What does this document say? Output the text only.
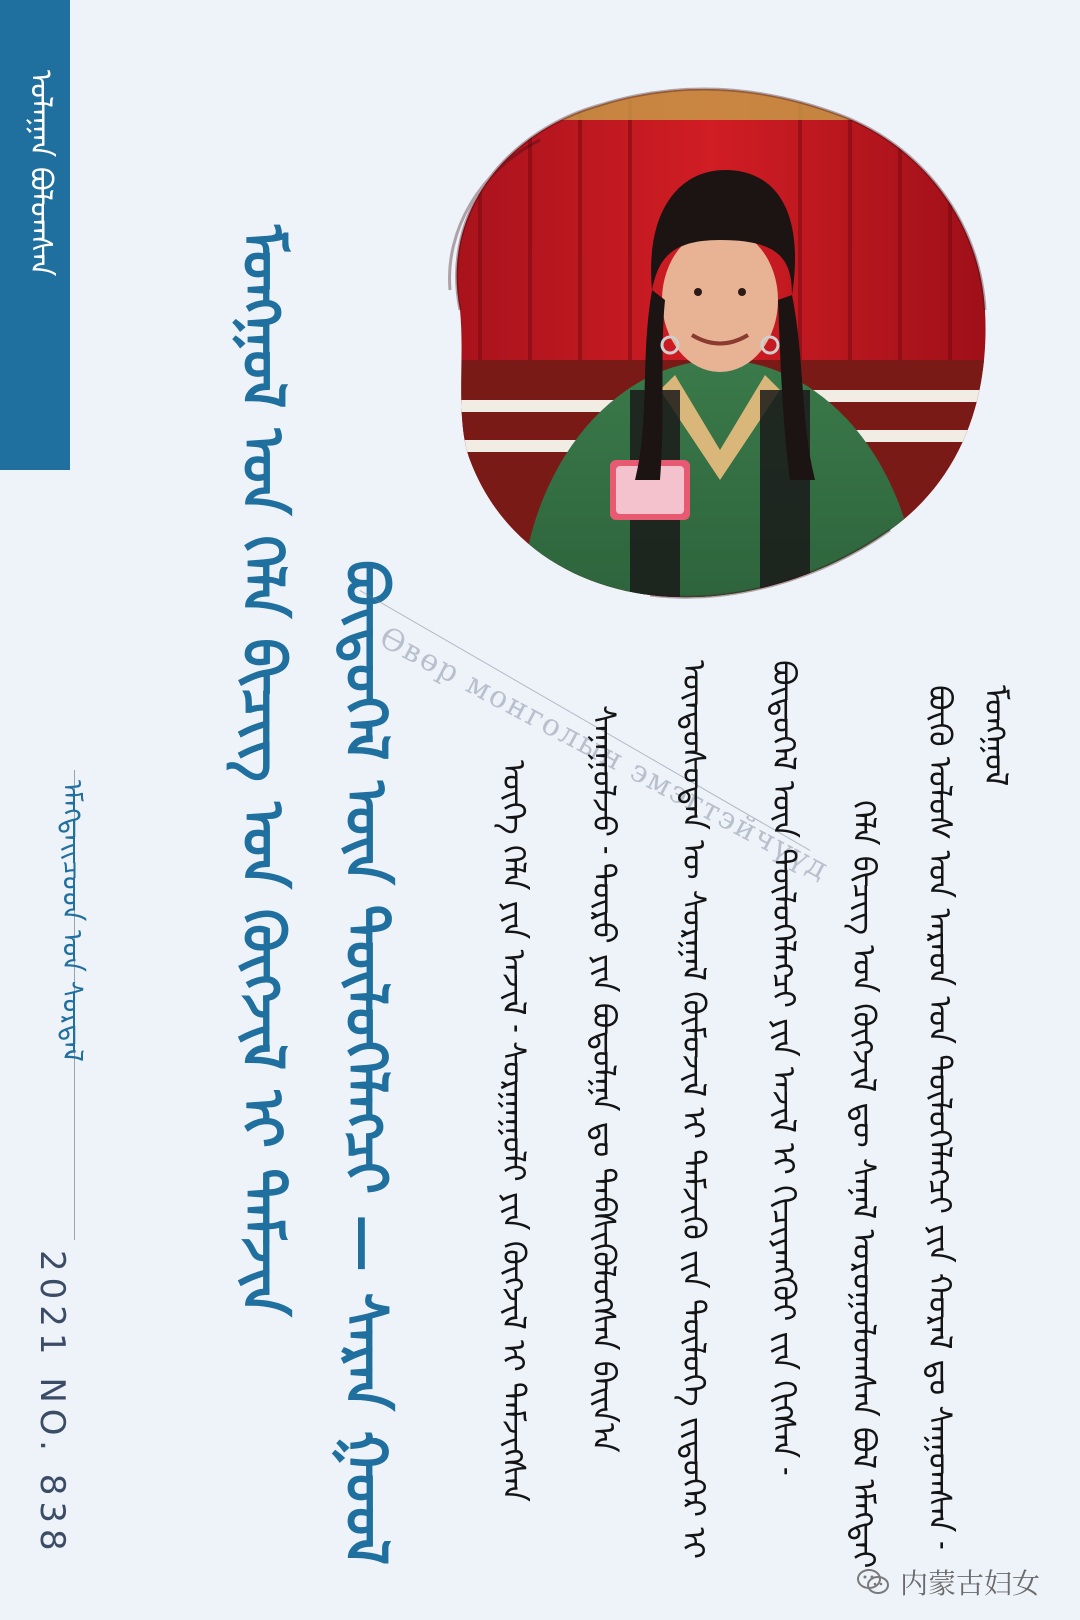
ᠤᠯᠠᠭᠠᠨ ᠪᠣᠯᠣᠭᠰᠠᠨ
ᠡᠮᠡᠭᠲᠡᠢᠴᠦᠳ ᠤᠨ ᠰᠤᠷᠲᠠᠯ
2021 NO. 838
ᠮᠣᠩᠭᠣᠯ ᠤᠨ ᠬᠡᠯᠡ ᠪᠢᠴᠢᠭ ᠤᠨ ᠬᠥᠭᠵᠢᠯ ᠢ ᠳᠡᠮᠵᠢᠨ ᠪᠦᠲᠦᠭᠡᠯ ᠦᠨ ᠲᠥᠯᠥᠭᠡᠯᠡᠭᠴᠢ — ᠰᠠᠷᠠᠨ ᠭᠤᠤᠯ
Өвөр монголын эмэгтэйчүүд	ᠪᠦᠬᠦ ᠤᠯᠤᠰ ᠤᠨ ᠠᠷᠠᠳ ᠤᠨ ᠲᠥᠯᠥᠭᠡᠯᠡᠭᠴᠢ ᠶᠢᠨ ᠬᠤᠷᠠᠯ ᠳᠤ ᠰᠠᠭᠤᠭᠰᠠᠨ ᠊ ᠮᠣᠩᠭᠣᠯ
ᠬᠡᠯᠡ ᠪᠢᠴᠢᠭ ᠤᠨ ᠬᠥᠭᠵᠢᠯ ᠳᠦ ᠰᠠᠨᠠᠯ ᠣᠷᠣᠭᠤᠯᠤᠭᠰᠠᠨ ᠪᠣᠯ ᠡᠮᠡᠭᠲᠡᠢ
ᠪᠦᠲᠦᠭᠡᠯ ᠦᠨ ᠲᠥᠯᠥᠭᠡᠯᠡᠭᠴᠢ ᠶᠢᠨ ᠠᠵᠢᠯ ᠢ ᠬᠢᠴᠢᠶᠡᠩᠭᠦᠢ ᠵᠢᠨ ᠬᠢᠭᠰᠡᠨ ᠊
ᠦᠨᠳᠦᠰᠦᠲᠡᠨ ᠦ ᠰᠤᠷᠭᠠᠯ ᠬᠥᠮᠦᠵᠢᠯ ᠢ ᠳᠡᠮᠵᠢᠬᠦ ᠵᠢᠨ ᠲᠥᠯᠥᠭᠡ ᠵᠢᠲᠦᠭᠡᠷ ᠢ
ᠰᠠᠨᠠᠭᠤᠯᠵᠤ ᠊ ᠲᠥᠷᠥ ᠶᠢᠨ ᠪᠤᠳᠤᠯᠭᠠ ᠳᠤ ᠳᠡᠪᠰᠢᠭᠦᠯᠦᠭᠰᠡᠨ ᠪᠠᠢᠨ᠎ᠠ
ᠦᠭᠡ ᠬᠡᠯᠡ ᠶᠢᠨ ᠠᠵᠢᠯ ᠊ ᠰᠤᠷᠭᠠᠭᠤᠯᠢ ᠶᠢᠨ ᠬᠥᠭᠵᠢᠯ ᠢ ᠳᠡᠮᠵᠢᠭᠰᠡᠨ
内蒙古妇女
